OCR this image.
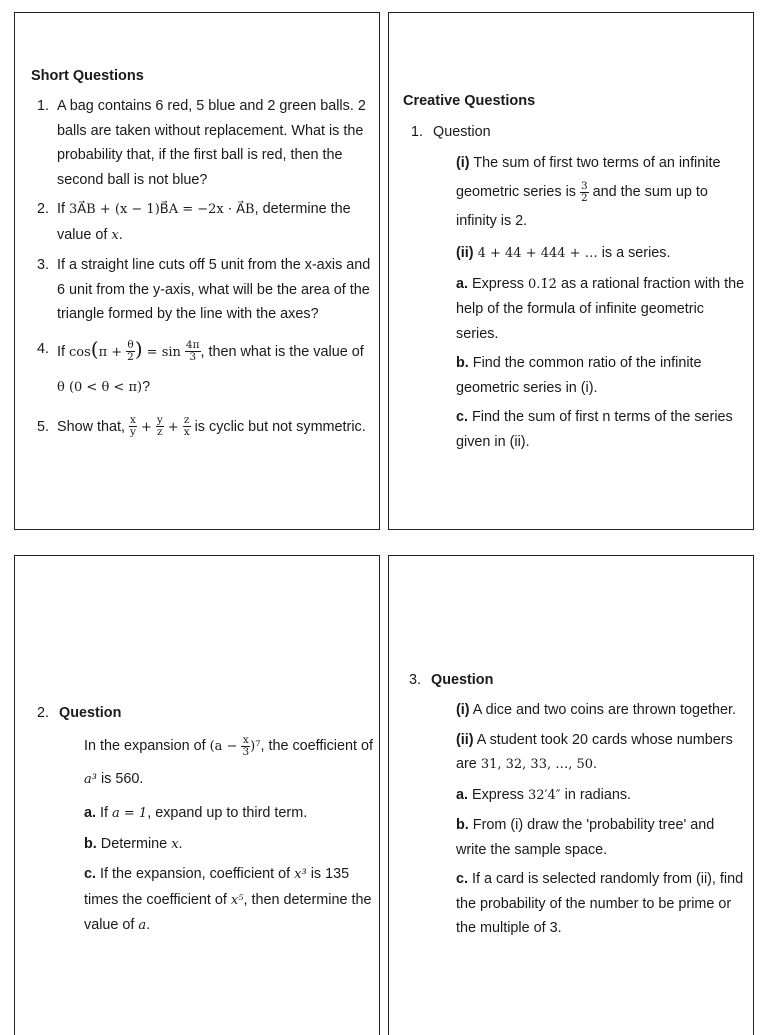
Short Questions
1. A bag contains 6 red, 5 blue and 2 green balls. 2 balls are taken without replacement. What is the probability that, if the first ball is red, then the second ball is not blue?
2. If 3A⃗B + (x − 1)B⃗A = −2x · A⃗B, determine the value of x.
3. If a straight line cuts off 5 unit from the x-axis and 6 unit from the y-axis, what will be the area of the triangle formed by the line with the axes?
4. If $\cos(\pi + \frac{\theta}{2}$ ) = $\sin \frac{4\pi}{3}$ , then what is the value of θ (0 < θ < π)?
5. Show that, $\frac{x}{y} + \frac{y}{z} + \frac{z}{x}$ is cyclic but not symmetric.
Creative Questions
1. Question
(i) The sum of first two terms of an infinite geometric series is $\frac{3}{2}$ and the sum up to infinity is 2.
(ii) 4 + 44 + 444 + … is a series.
a. Express 0.1̇2̇ as a rational fraction with the help of the formula of infinite geometric series.
b. Find the common ratio of the infinite geometric series in (i).
c. Find the sum of first n terms of the series given in (ii).
2. Question
In the expansion of $(a - \frac{x}{3} )^7$, the coefficient of a³ is 560.
a. If a = 1, expand up to third term.
b. Determine x.
c. If the expansion, coefficient of x³ is 135 times the coefficient of x⁵, then determine the value of a.
3. Question
(i) A dice and two coins are thrown together.
(ii) A student took 20 cards whose numbers are 31, 32, 33, …, 50.
a. Express 32′4″ in radians.
b. From (i) draw the 'probability tree' and write the sample space.
c. If a card is selected randomly from (ii), find the probability of the number to be prime or the multiple of 3.
